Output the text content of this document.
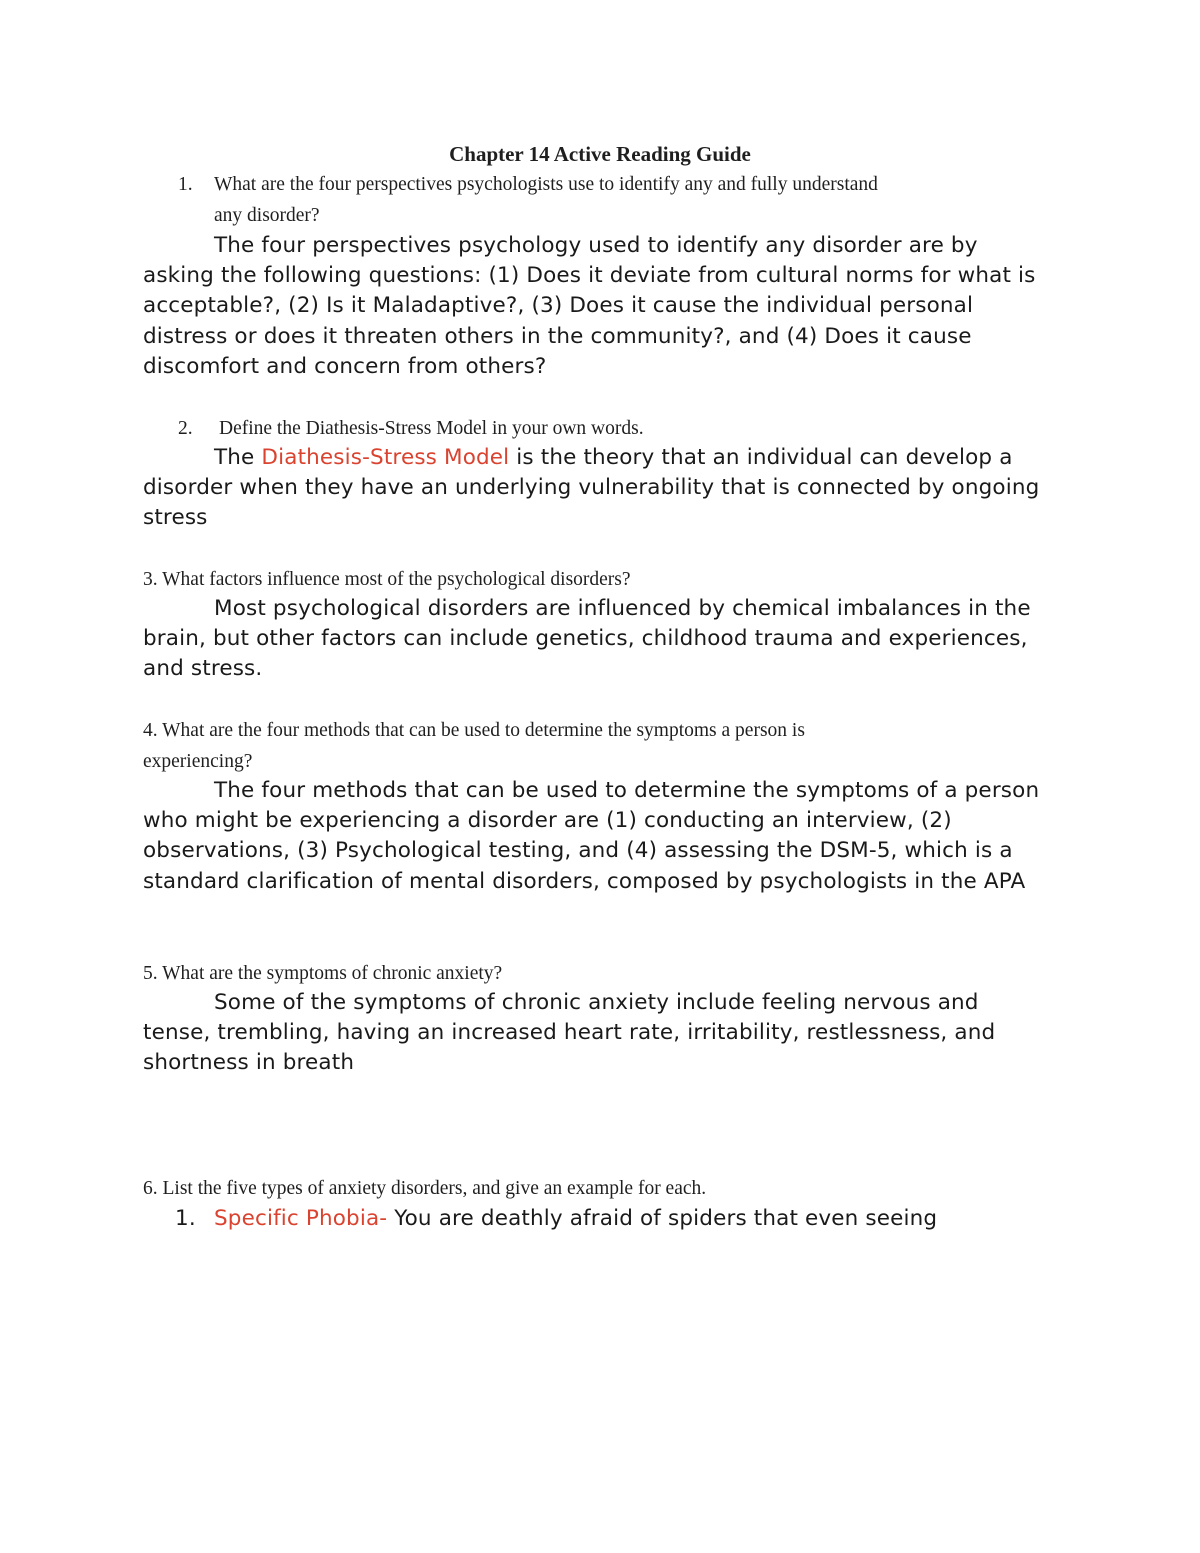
Chapter 14 Active Reading Guide
1. What are the four perspectives psychologists use to identify any and fully understand
any disorder?

The four perspectives psychology used to identify any disorder are by asking the following questions: (1) Does it deviate from cultural norms for what is acceptable?, (2) Is it Maladaptive?, (3) Does it cause the individual personal distress or does it threaten others in the community?, and (4) Does it cause discomfort and concern from others?

2. Define the Diathesis-Stress Model in your own words.

The Diathesis-Stress Model is the theory that an individual can develop a disorder when they have an underlying vulnerability that is connected by ongoing stress

3. What factors influence most of the psychological disorders?

Most psychological disorders are influenced by chemical imbalances in the brain, but other factors can include genetics, childhood trauma and experiences, and stress.

4. What are the four methods that can be used to determine the symptoms a person is
experiencing?

The four methods that can be used to determine the symptoms of a person who might be experiencing a disorder are (1) conducting an interview, (2) observations, (3) Psychological testing, and (4) assessing the DSM-5, which is a standard clarification of mental disorders, composed by psychologists in the APA

5. What are the symptoms of chronic anxiety?

Some of the symptoms of chronic anxiety include feeling nervous and tense, trembling, having an increased heart rate, irritability, restlessness, and shortness in breath

6. List the five types of anxiety disorders, and give an example for each.
1. Specific Phobia- You are deathly afraid of spiders that even seeing
